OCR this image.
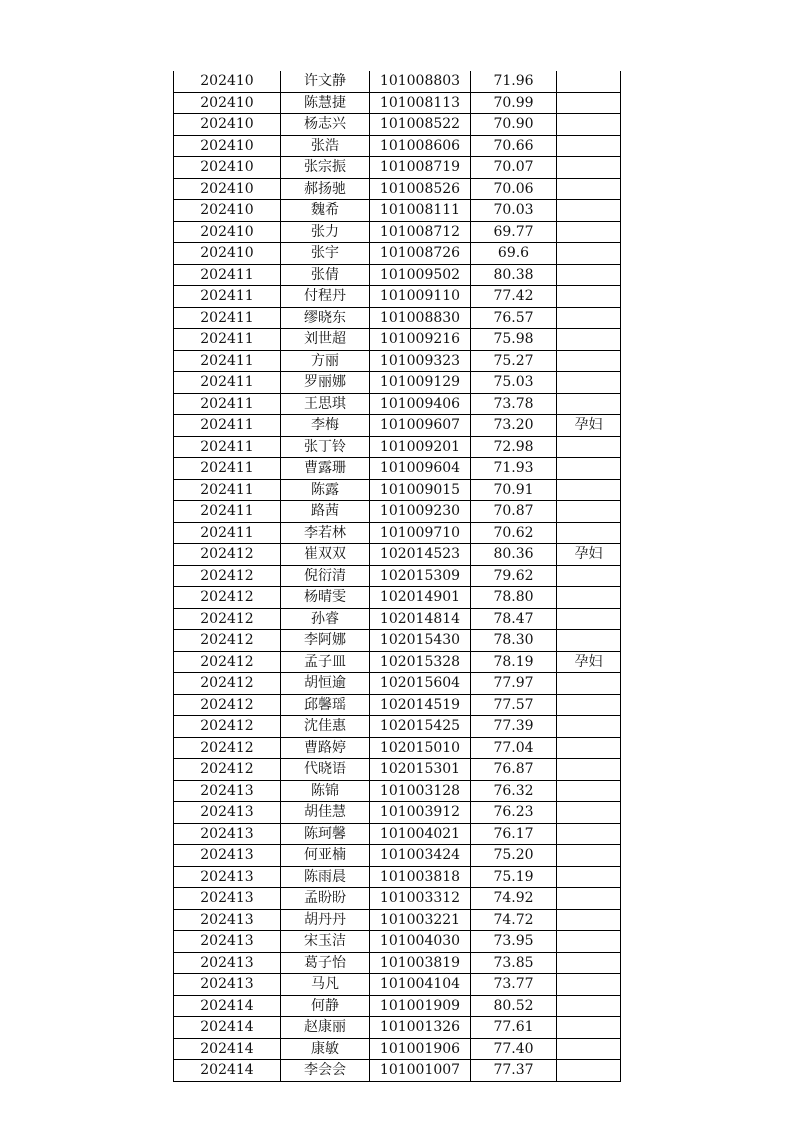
202410	许文静	101008803	71.96	
202410	陈慧捷	101008113	70.99	
202410	杨志兴	101008522	70.90	
202410	张浩	101008606	70.66	
202410	张宗振	101008719	70.07	
202410	郝扬驰	101008526	70.06	
202410	魏希	101008111	70.03	
202410	张力	101008712	69.77	
202410	张宇	101008726	69.6	
202411	张倩	101009502	80.38	
202411	付程丹	101009110	77.42	
202411	缪晓东	101008830	76.57	
202411	刘世超	101009216	75.98	
202411	方丽	101009323	75.27	
202411	罗丽娜	101009129	75.03	
202411	王思琪	101009406	73.78	
202411	李梅	101009607	73.20	孕妇
202411	张丁铃	101009201	72.98	
202411	曹露珊	101009604	71.93	
202411	陈露	101009015	70.91	
202411	路茜	101009230	70.87	
202411	李若林	101009710	70.62	
202412	崔双双	102014523	80.36	孕妇
202412	倪衍清	102015309	79.62	
202412	杨晴雯	102014901	78.80	
202412	孙睿	102014814	78.47	
202412	李阿娜	102015430	78.30	
202412	孟子皿	102015328	78.19	孕妇
202412	胡恒逾	102015604	77.97	
202412	邱馨瑶	102014519	77.57	
202412	沈佳惠	102015425	77.39	
202412	曹路婷	102015010	77.04	
202412	代晓语	102015301	76.87	
202413	陈锦	101003128	76.32	
202413	胡佳慧	101003912	76.23	
202413	陈珂馨	101004021	76.17	
202413	何亚楠	101003424	75.20	
202413	陈雨晨	101003818	75.19	
202413	孟盼盼	101003312	74.92	
202413	胡丹丹	101003221	74.72	
202413	宋玉洁	101004030	73.95	
202413	葛子怡	101003819	73.85	
202413	马凡	101004104	73.77	
202414	何静	101001909	80.52	
202414	赵康丽	101001326	77.61	
202414	康敏	101001906	77.40	
202414	李会会	101001007	77.37	
